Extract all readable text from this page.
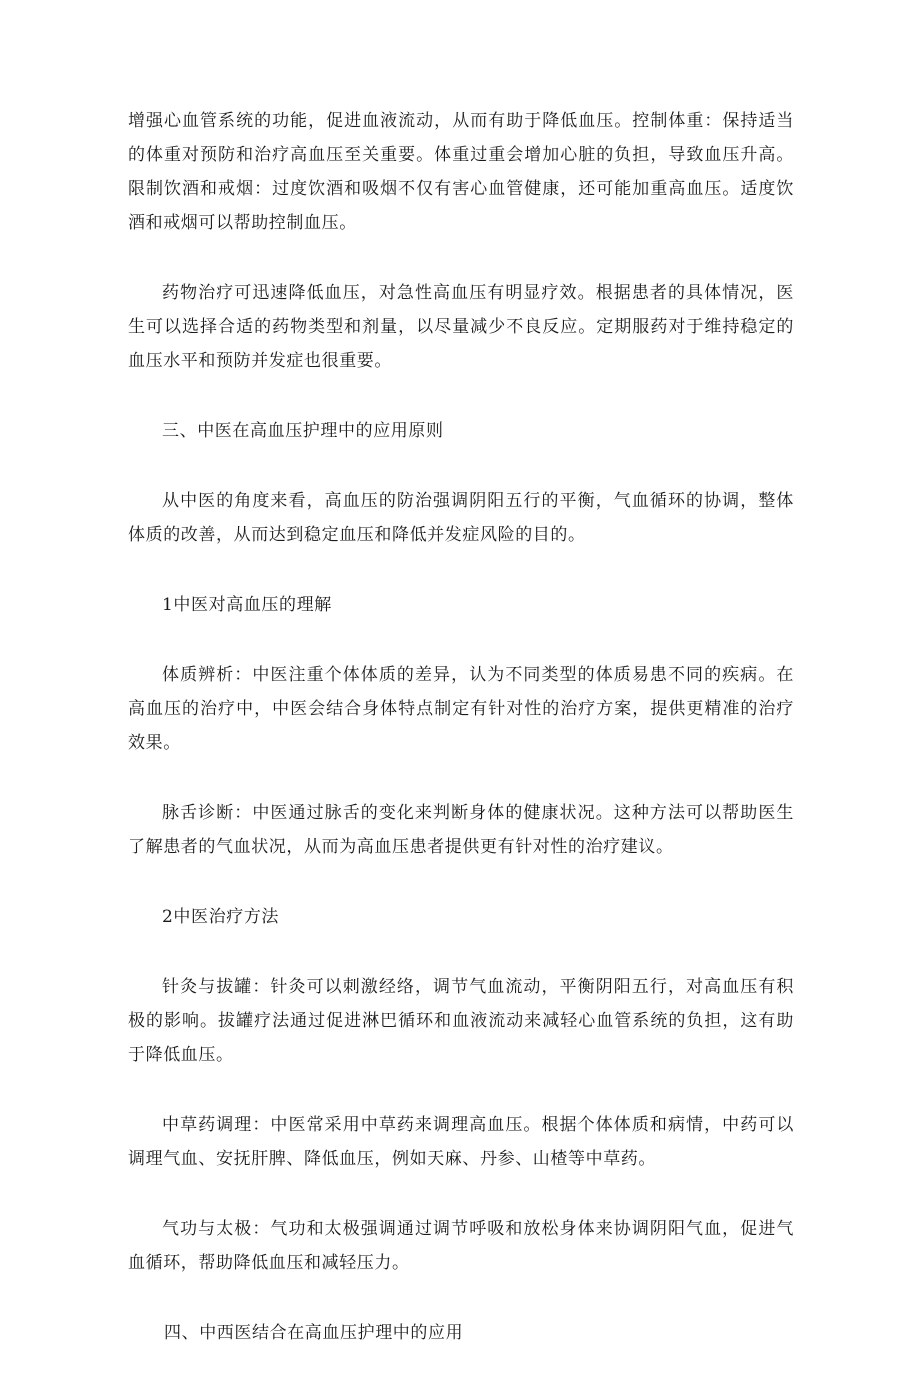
增强心血管系统的功能，促进血液流动，从而有助于降低血压。控制体重：保持适当的体重对预防和治疗高血压至关重要。体重过重会增加心脏的负担，导致血压升高。限制饮酒和戒烟：过度饮酒和吸烟不仅有害心血管健康，还可能加重高血压。适度饮酒和戒烟可以帮助控制血压。

药物治疗可迅速降低血压，对急性高血压有明显疗效。根据患者的具体情况，医生可以选择合适的药物类型和剂量，以尽量减少不良反应。定期服药对于维持稳定的血压水平和预防并发症也很重要。

三、中医在高血压护理中的应用原则

从中医的角度来看，高血压的防治强调阴阳五行的平衡，气血循环的协调，整体体质的改善，从而达到稳定血压和降低并发症风险的目的。

1中医对高血压的理解

体质辨析：中医注重个体体质的差异，认为不同类型的体质易患不同的疾病。在高血压的治疗中，中医会结合身体特点制定有针对性的治疗方案，提供更精准的治疗效果。

脉舌诊断：中医通过脉舌的变化来判断身体的健康状况。这种方法可以帮助医生了解患者的气血状况，从而为高血压患者提供更有针对性的治疗建议。

2中医治疗方法

针灸与拔罐：针灸可以刺激经络，调节气血流动，平衡阴阳五行，对高血压有积极的影响。拔罐疗法通过促进淋巴循环和血液流动来减轻心血管系统的负担，这有助于降低血压。

中草药调理：中医常采用中草药来调理高血压。根据个体体质和病情，中药可以调理气血、安抚肝脾、降低血压，例如天麻、丹参、山楂等中草药。

气功与太极：气功和太极强调通过调节呼吸和放松身体来协调阴阳气血，促进气血循环，帮助降低血压和减轻压力。

四、中西医结合在高血压护理中的应用
